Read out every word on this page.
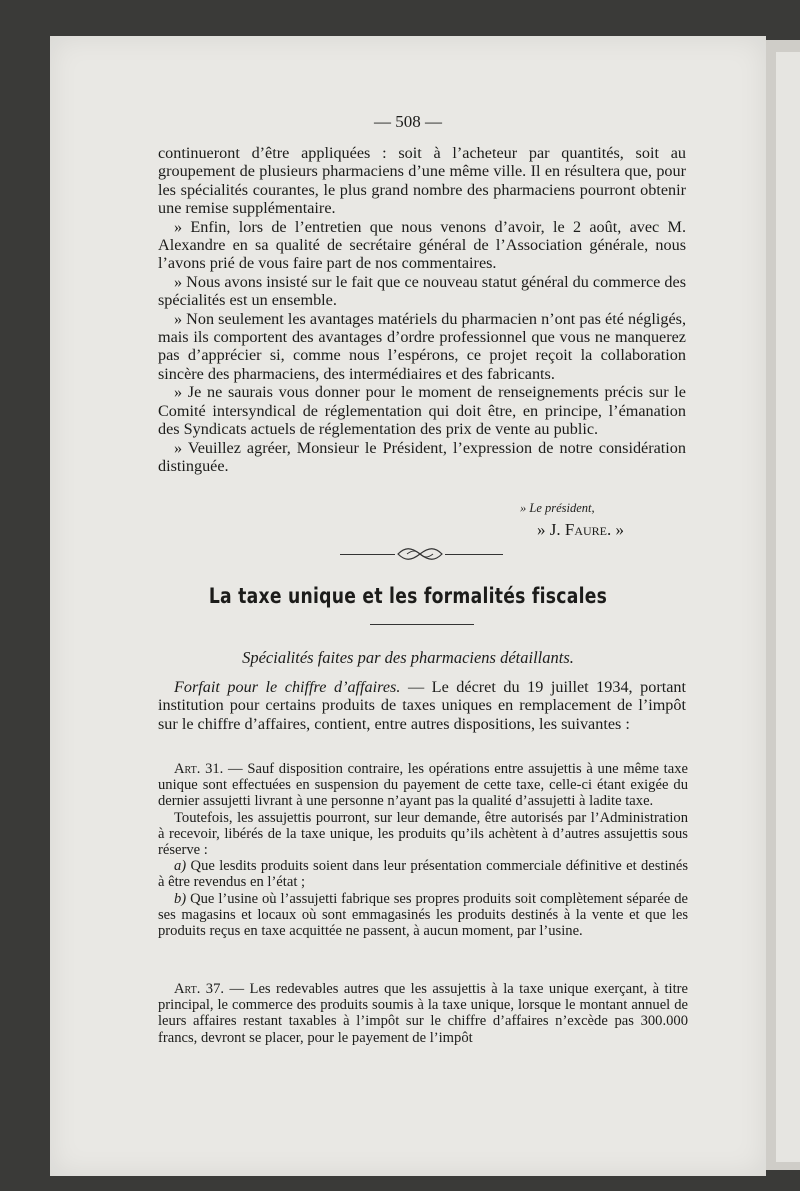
— 508 —

continueront d’être appliquées : soit à l’acheteur par quantités, soit au groupement de plusieurs pharmaciens d’une même ville. Il en résultera que, pour les spécialités courantes, le plus grand nombre des pharmaciens pourront obtenir une remise supplémentaire.

» Enfin, lors de l’entretien que nous venons d’avoir, le 2 août, avec M. Alexandre en sa qualité de secrétaire général de l’Association générale, nous l’avons prié de vous faire part de nos commentaires.

» Nous avons insisté sur le fait que ce nouveau statut général du commerce des spécialités est un ensemble.

» Non seulement les avantages matériels du pharmacien n’ont pas été négligés, mais ils comportent des avantages d’ordre professionnel que vous ne manquerez pas d’apprécier si, comme nous l’espérons, ce projet reçoit la collaboration sincère des pharmaciens, des intermédiaires et des fabricants.

» Je ne saurais vous donner pour le moment de renseignements précis sur le Comité intersyndical de réglementation qui doit être, en principe, l’émanation des Syndicats actuels de réglementation des prix de vente au public.

» Veuillez agréer, Monsieur le Président, l’expression de notre considération distinguée.

» Le président,
» J. Faure. »
La taxe unique et les formalités fiscales
Spécialités faites par des pharmaciens détaillants.

Forfait pour le chiffre d’affaires. — Le décret du 19 juillet 1934, portant institution pour certains produits de taxes uniques en remplacement de l’impôt sur le chiffre d’affaires, contient, entre autres dispositions, les suivantes :

Art. 31. — Sauf disposition contraire, les opérations entre assujettis à une même taxe unique sont effectuées en suspension du payement de cette taxe, celle-ci étant exigée du dernier assujetti livrant à une personne n’ayant pas la qualité d’assujetti à ladite taxe.

Toutefois, les assujettis pourront, sur leur demande, être autorisés par l’Administration à recevoir, libérés de la taxe unique, les produits qu’ils achètent à d’autres assujettis sous réserve :

a) Que lesdits produits soient dans leur présentation commerciale définitive et destinés à être revendus en l’état ;

b) Que l’usine où l’assujetti fabrique ses propres produits soit complètement séparée de ses magasins et locaux où sont emmagasinés les produits destinés à la vente et que les produits reçus en taxe acquittée ne passent, à aucun moment, par l’usine.

Art. 37. — Les redevables autres que les assujettis à la taxe unique exerçant, à titre principal, le commerce des produits soumis à la taxe unique, lorsque le montant annuel de leurs affaires restant taxables à l’impôt sur le chiffre d’affaires n’excède pas 300.000 francs, devront se placer, pour le payement de l’impôt
